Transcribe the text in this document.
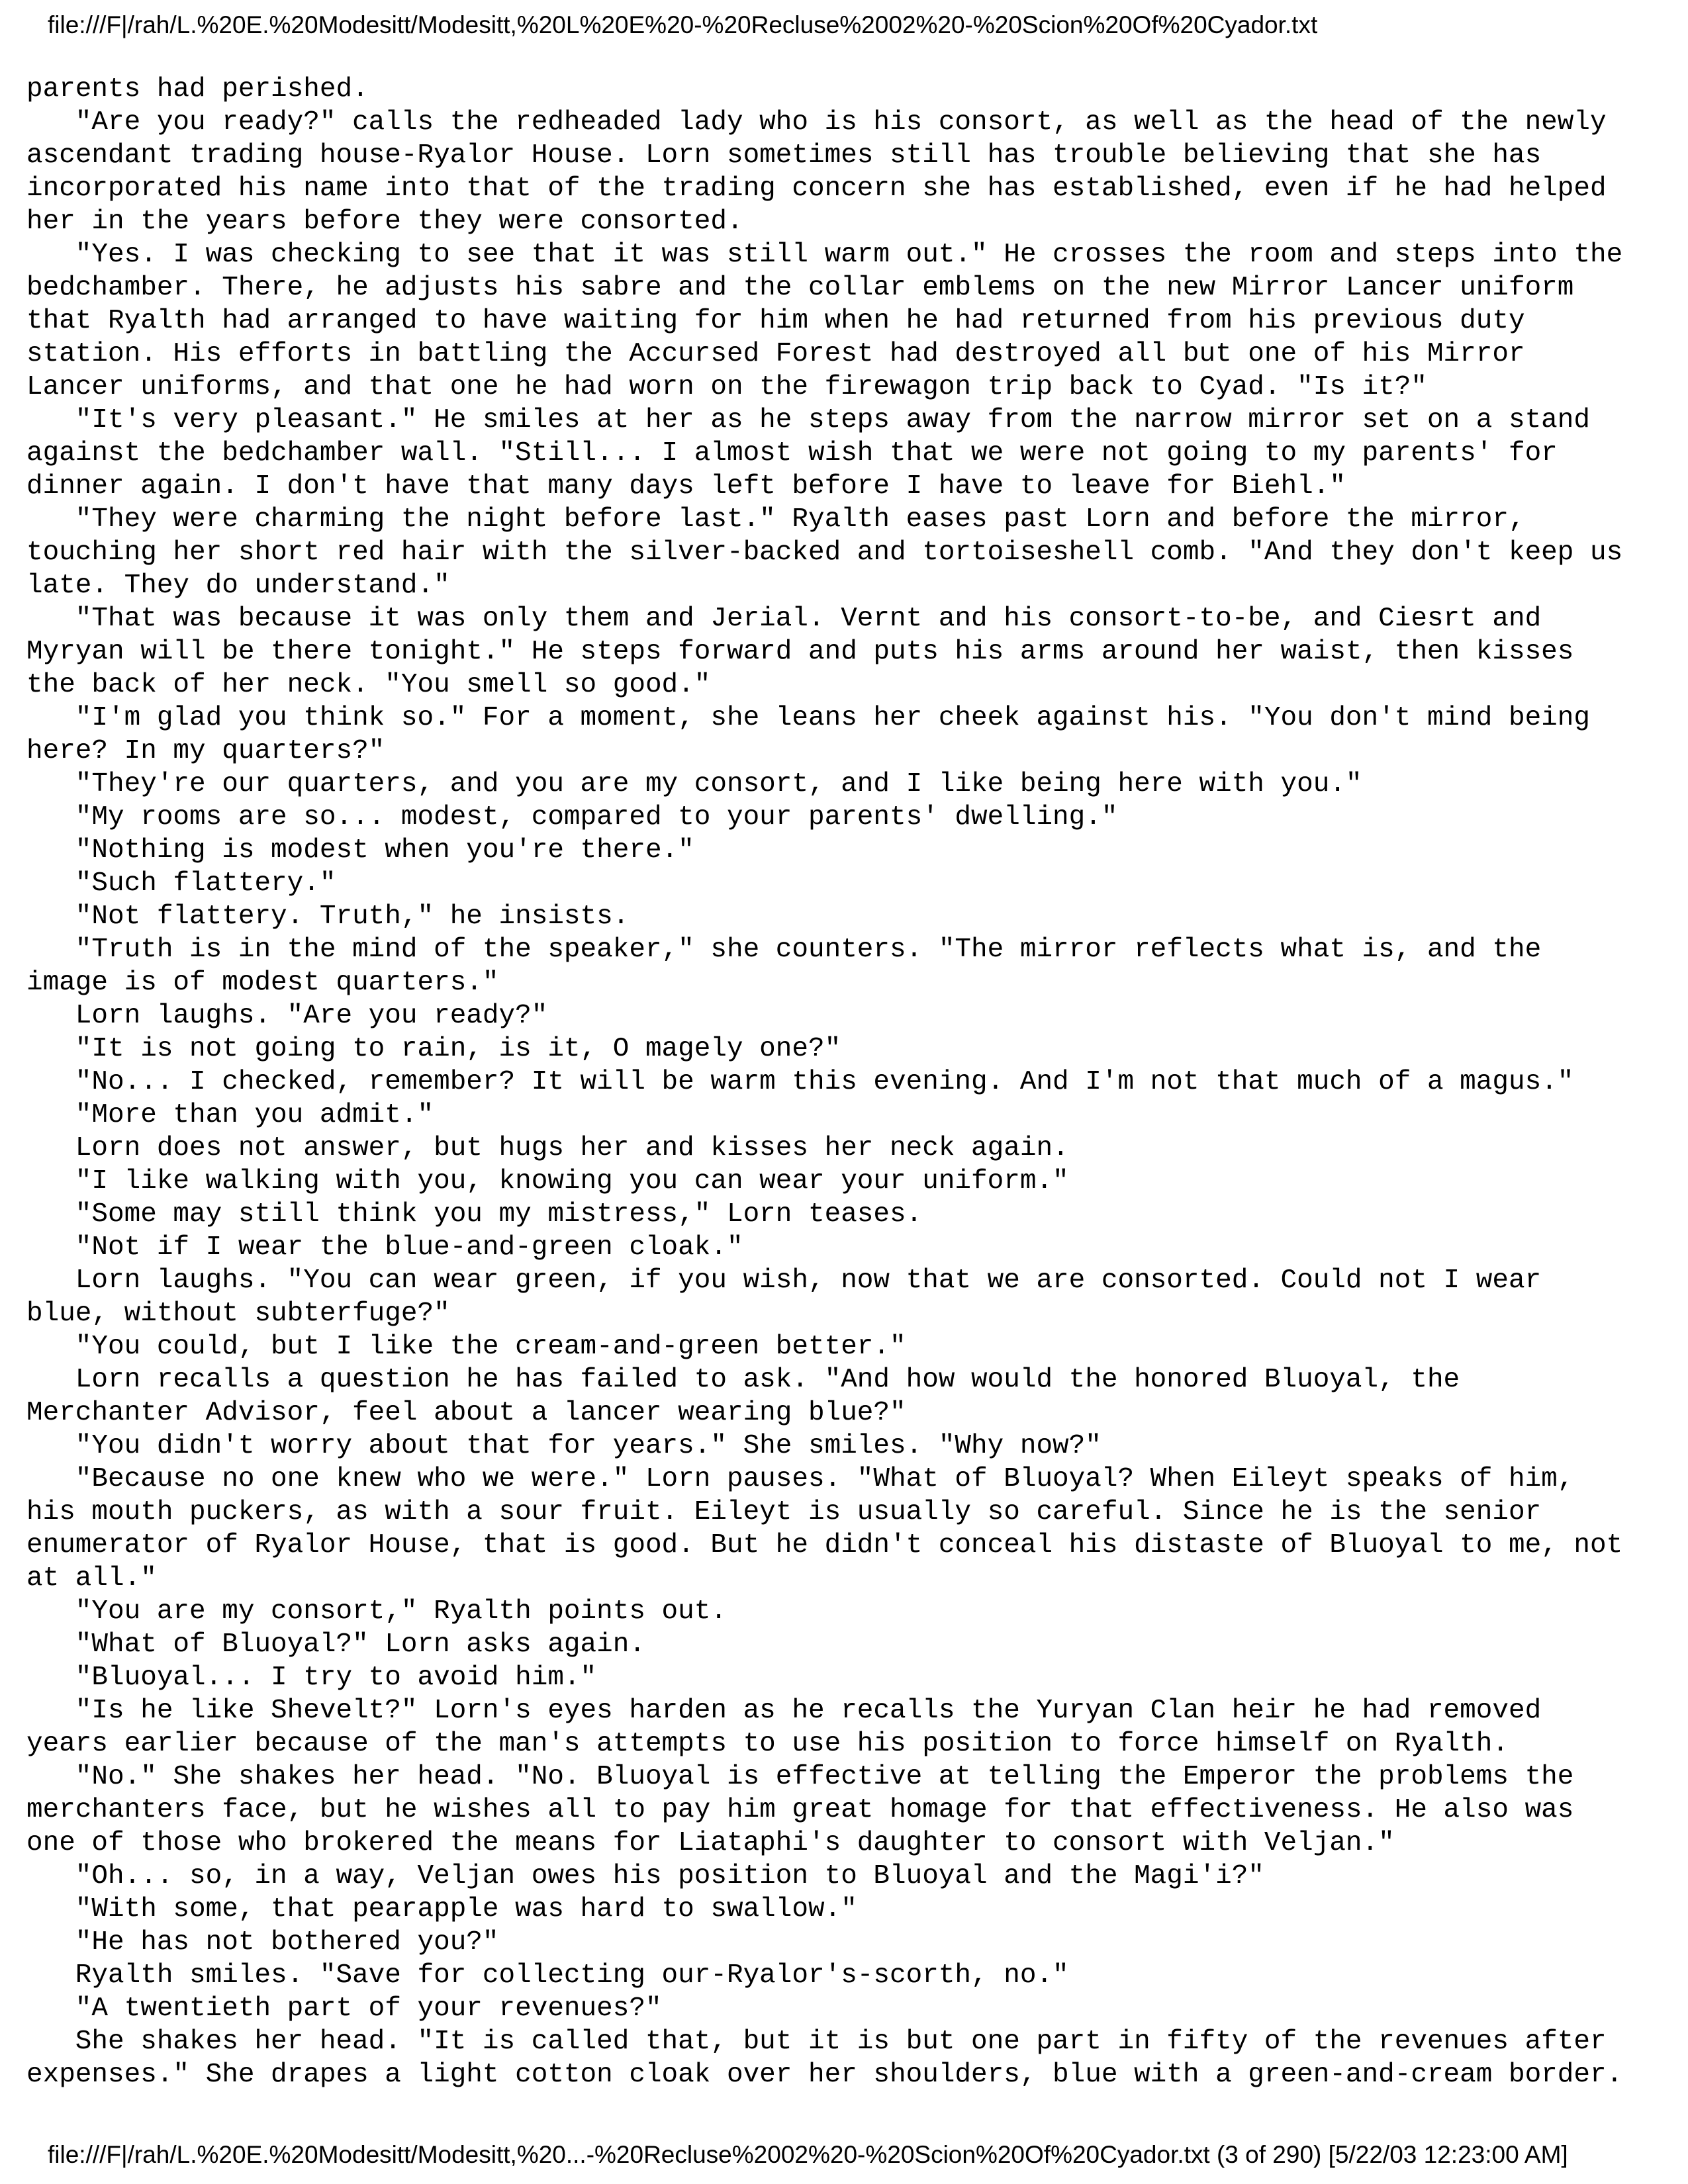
file:///F|/rah/L.%20E.%20Modesitt/Modesitt,%20L%20E%20-%20Recluse%2002%20-%20Scion%20Of%20Cyador.txt
parents had perished.
"Are you ready?" calls the redheaded lady who is his consort, as well as the head of the newly
ascendant trading house-Ryalor House. Lorn sometimes still has trouble believing that she has
incorporated his name into that of the trading concern she has established, even if he had helped
her in the years before they were consorted.
"Yes. I was checking to see that it was still warm out." He crosses the room and steps into the
bedchamber. There, he adjusts his sabre and the collar emblems on the new Mirror Lancer uniform
that Ryalth had arranged to have waiting for him when he had returned from his previous duty
station. His efforts in battling the Accursed Forest had destroyed all but one of his Mirror
Lancer uniforms, and that one he had worn on the firewagon trip back to Cyad. "Is it?"
"It's very pleasant." He smiles at her as he steps away from the narrow mirror set on a stand
against the bedchamber wall. "Still... I almost wish that we were not going to my parents' for
dinner again. I don't have that many days left before I have to leave for Biehl."
"They were charming the night before last." Ryalth eases past Lorn and before the mirror,
touching her short red hair with the silver-backed and tortoiseshell comb. "And they don't keep us
late. They do understand."
"That was because it was only them and Jerial. Vernt and his consort-to-be, and Ciesrt and
Myryan will be there tonight." He steps forward and puts his arms around her waist, then kisses
the back of her neck. "You smell so good."
"I'm glad you think so." For a moment, she leans her cheek against his. "You don't mind being
here? In my quarters?"
"They're our quarters, and you are my consort, and I like being here with you."
"My rooms are so... modest, compared to your parents' dwelling."
"Nothing is modest when you're there."
"Such flattery."
"Not flattery. Truth," he insists.
"Truth is in the mind of the speaker," she counters. "The mirror reflects what is, and the
image is of modest quarters."
Lorn laughs. "Are you ready?"
"It is not going to rain, is it, O magely one?"
"No... I checked, remember? It will be warm this evening. And I'm not that much of a magus."
"More than you admit."
Lorn does not answer, but hugs her and kisses her neck again.
"I like walking with you, knowing you can wear your uniform."
"Some may still think you my mistress," Lorn teases.
"Not if I wear the blue-and-green cloak."
Lorn laughs. "You can wear green, if you wish, now that we are consorted. Could not I wear
blue, without subterfuge?"
"You could, but I like the cream-and-green better."
Lorn recalls a question he has failed to ask. "And how would the honored Bluoyal, the
Merchanter Advisor, feel about a lancer wearing blue?"
"You didn't worry about that for years." She smiles. "Why now?"
"Because no one knew who we were." Lorn pauses. "What of Bluoyal? When Eileyt speaks of him,
his mouth puckers, as with a sour fruit. Eileyt is usually so careful. Since he is the senior
enumerator of Ryalor House, that is good. But he didn't conceal his distaste of Bluoyal to me, not
at all."
"You are my consort," Ryalth points out.
"What of Bluoyal?" Lorn asks again.
"Bluoyal... I try to avoid him."
"Is he like Shevelt?" Lorn's eyes harden as he recalls the Yuryan Clan heir he had removed
years earlier because of the man's attempts to use his position to force himself on Ryalth.
"No." She shakes her head. "No. Bluoyal is effective at telling the Emperor the problems the
merchanters face, but he wishes all to pay him great homage for that effectiveness. He also was
one of those who brokered the means for Liataphi's daughter to consort with Veljan."
"Oh... so, in a way, Veljan owes his position to Bluoyal and the Magi'i?"
"With some, that pearapple was hard to swallow."
"He has not bothered you?"
Ryalth smiles. "Save for collecting our-Ryalor's-scorth, no."
"A twentieth part of your revenues?"
She shakes her head. "It is called that, but it is but one part in fifty of the revenues after
expenses." She drapes a light cotton cloak over her shoulders, blue with a green-and-cream border.
file:///F|/rah/L.%20E.%20Modesitt/Modesitt,%20...-%20Recluse%2002%20-%20Scion%20Of%20Cyador.txt (3 of 290) [5/22/03 12:23:00 AM]
